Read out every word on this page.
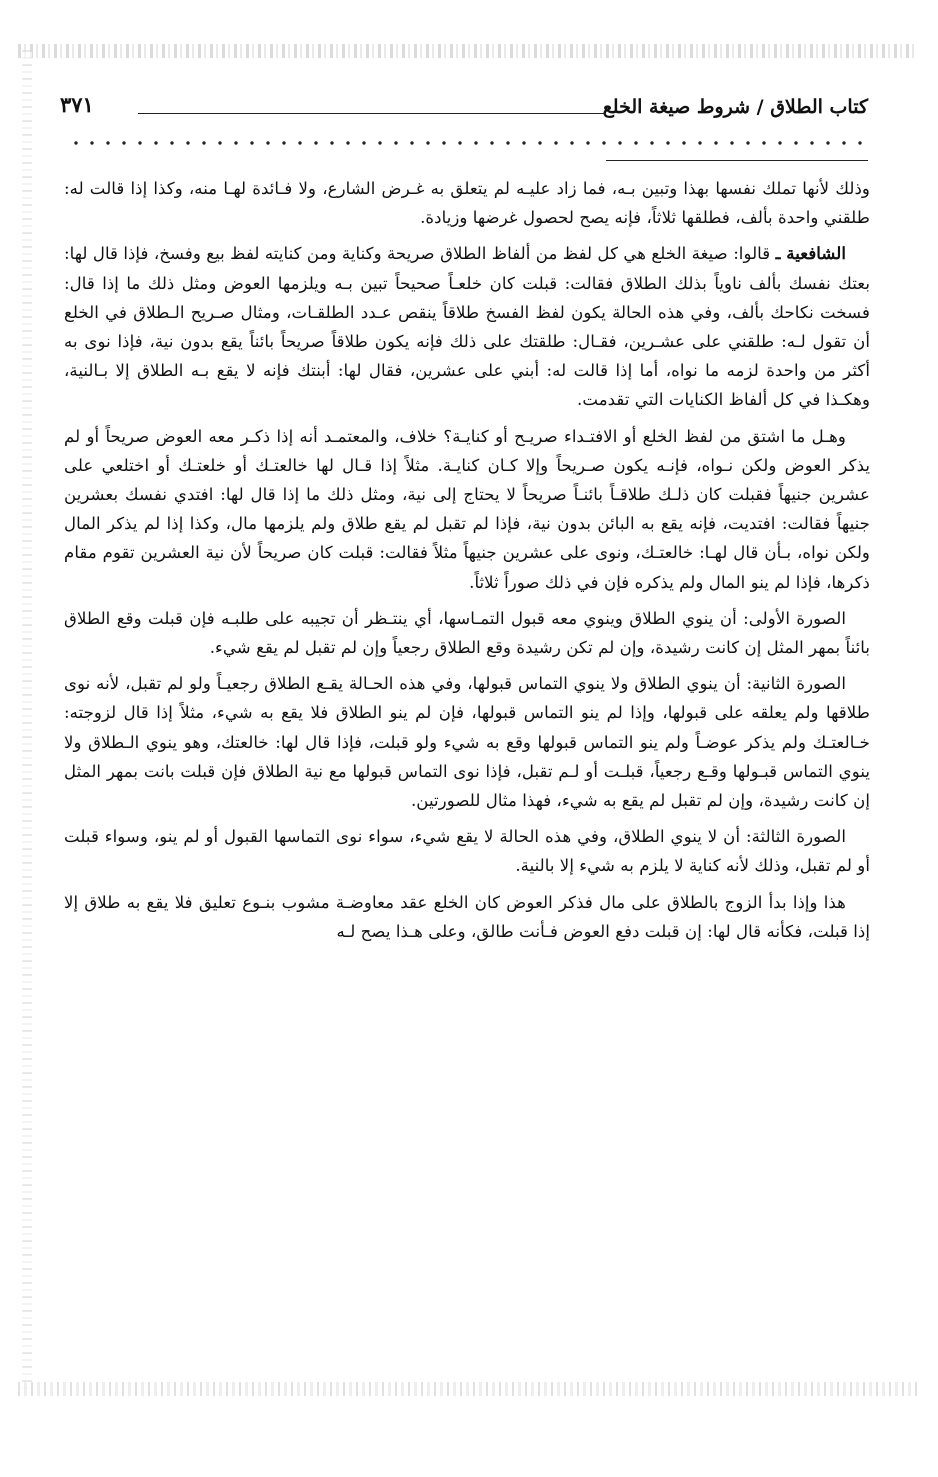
كتاب الطلاق / شروط صيغة الخلع
٣٧١

وذلك لأنها تملك نفسها بهذا وتبين بـه، فما زاد عليـه لم يتعلق به غـرض الشارع، ولا فـائدة لهـا منه، وكذا إذا قالت له: طلقني واحدة بألف، فطلقها ثلاثاً، فإنه يصح لحصول غرضها وزيادة.

الشافعية ـ قالوا: صيغة الخلع هي كل لفظ من ألفاظ الطلاق صريحة وكناية ومن كنايته لفظ بيع وفسخ، فإذا قال لها: بعتك نفسك بألف ناوياً بذلك الطلاق فقالت: قبلت كان خلعـاً صحيحاً تبين بـه ويلزمها العوض ومثل ذلك ما إذا قال: فسخت نكاحك بألف، وفي هذه الحالة يكون لفظ الفسخ طلاقاً ينقص عـدد الطلقـات، ومثال صـريح الـطلاق في الخلع أن تقول لـه: طلقني على عشـرين، فقـال: طلقتك على ذلك فإنه يكون طلاقاً صريحاً بائناً يقع بدون نية، فإذا نوى به أكثر من واحدة لزمه ما نواه، أما إذا قالت له: أبني على عشرين، فقال لها: أبنتك فإنه لا يقع بـه الطلاق إلا بـالنية، وهكـذا في كل ألفاظ الكنايات التي تقدمت.

وهـل ما اشتق من لفظ الخلع أو الافتـداء صريـح أو كنايـة؟ خلاف، والمعتمـد أنه إذا ذكـر معه العوض صريحاً أو لم يذكر العوض ولكن نـواه، فإنـه يكون صـريحاً وإلا كـان كنايـة. مثلاً إذا قـال لها خالعتـك أو خلعتـك أو اختلعي على عشرين جنيهاً فقبلت كان ذلـك طلاقـاً بائنـاً صريحاً لا يحتاج إلى نية، ومثل ذلك ما إذا قال لها: افتدي نفسك بعشرين جنيهاً فقالت: افتديت، فإنه يقع به البائن بدون نية، فإذا لم تقبل لم يقع طلاق ولم يلزمها مال، وكذا إذا لم يذكر المال ولكن نواه، بـأن قال لهـا: خالعتـك، ونوى على عشرين جنيهاً مثلاً فقالت: قبلت كان صريحاً لأن نية العشرين تقوم مقام ذكرها، فإذا لم ينو المال ولم يذكره فإن في ذلك صوراً ثلاثاً.

الصورة الأولى: أن ينوي الطلاق وينوي معه قبول التمـاسها، أي ينتـظر أن تجيبه على طلبـه فإن قبلت وقع الطلاق بائناً بمهر المثل إن كانت رشيدة، وإن لم تكن رشيدة وقع الطلاق رجعياً وإن لم تقبل لم يقع شيء.

الصورة الثانية: أن ينوي الطلاق ولا ينوي التماس قبولها، وفي هذه الحـالة يقـع الطلاق رجعيـاً ولو لم تقبل، لأنه نوى طلاقها ولم يعلقه على قبولها، وإذا لم ينو التماس قبولها، فإن لم ينو الطلاق فلا يقع به شيء، مثلاً إذا قال لزوجته: خـالعتـك ولم يذكر عوضـاً ولم ينو التماس قبولها وقع به شيء ولو قبلت، فإذا قال لها: خالعتك، وهو ينوي الـطلاق ولا ينوي التماس قبـولها وقـع رجعياً، قبلـت أو لـم تقبل، فإذا نوى التماس قبولها مع نية الطلاق فإن قبلت بانت بمهر المثل إن كانت رشيدة، وإن لم تقبل لم يقع به شيء، فهذا مثال للصورتين.

الصورة الثالثة: أن لا ينوي الطلاق، وفي هذه الحالة لا يقع شيء، سواء نوى التماسها القبول أو لم ينو، وسواء قبلت أو لم تقبل، وذلك لأنه كناية لا يلزم به شيء إلا بالنية.

هذا وإذا بدأ الزوج بالطلاق على مال فذكر العوض كان الخلع عقد معاوضـة مشوب بنـوع تعليق فلا يقع به طلاق إلا إذا قبلت، فكأنه قال لها: إن قبلت دفع العوض فـأنت طالق، وعلى هـذا يصح لـه
